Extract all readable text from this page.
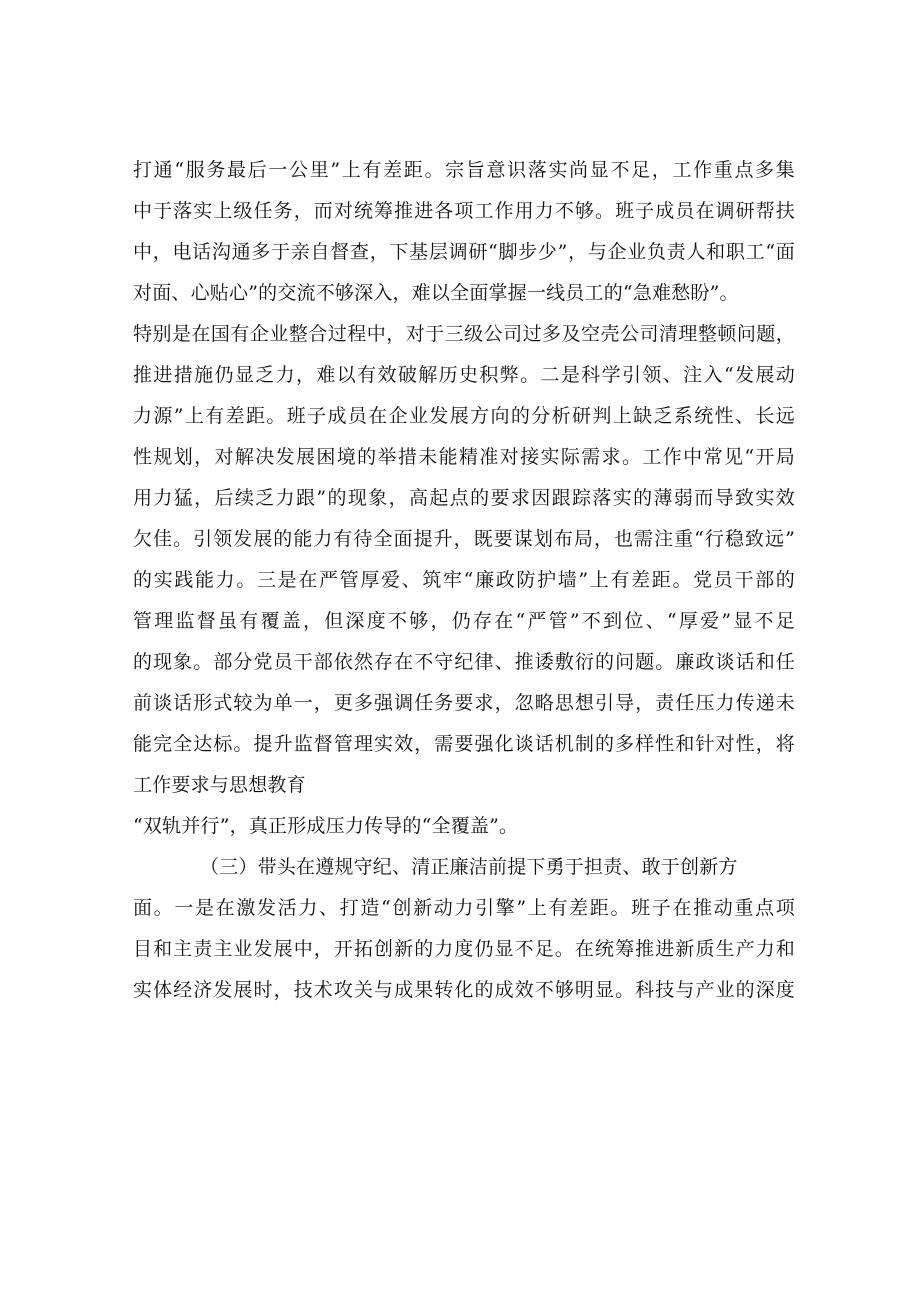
打通“服务最后一公里”上有差距。宗旨意识落实尚显不足，工作重点多集
中于落实上级任务，而对统筹推进各项工作用力不够。班子成员在调研帮扶
中，电话沟通多于亲自督查，下基层调研“脚步少”，与企业负责人和职工“面
对面、心贴心”的交流不够深入，难以全面掌握一线员工的“急难愁盼”。
特别是在国有企业整合过程中，对于三级公司过多及空壳公司清理整顿问题，
推进措施仍显乏力，难以有效破解历史积弊。二是科学引领、注入“发展动
力源”上有差距。班子成员在企业发展方向的分析研判上缺乏系统性、长远
性规划，对解决发展困境的举措未能精准对接实际需求。工作中常见“开局
用力猛，后续乏力跟”的现象，高起点的要求因跟踪落实的薄弱而导致实效
欠佳。引领发展的能力有待全面提升，既要谋划布局，也需注重“行稳致远”
的实践能力。三是在严管厚爱、筑牢“廉政防护墙”上有差距。党员干部的
管理监督虽有覆盖，但深度不够，仍存在“严管”不到位、“厚爱”显不足
的现象。部分党员干部依然存在不守纪律、推诿敷衍的问题。廉政谈话和任
前谈话形式较为单一，更多强调任务要求，忽略思想引导，责任压力传递未
能完全达标。提升监督管理实效，需要强化谈话机制的多样性和针对性，将
工作要求与思想教育
“双轨并行”，真正形成压力传导的“全覆盖”。
（三）带头在遵规守纪、清正廉洁前提下勇于担责、敢于创新方
面。一是在激发活力、打造“创新动力引擎”上有差距。班子在推动重点项
目和主责主业发展中，开拓创新的力度仍显不足。在统筹推进新质生产力和
实体经济发展时，技术攻关与成果转化的成效不够明显。科技与产业的深度
